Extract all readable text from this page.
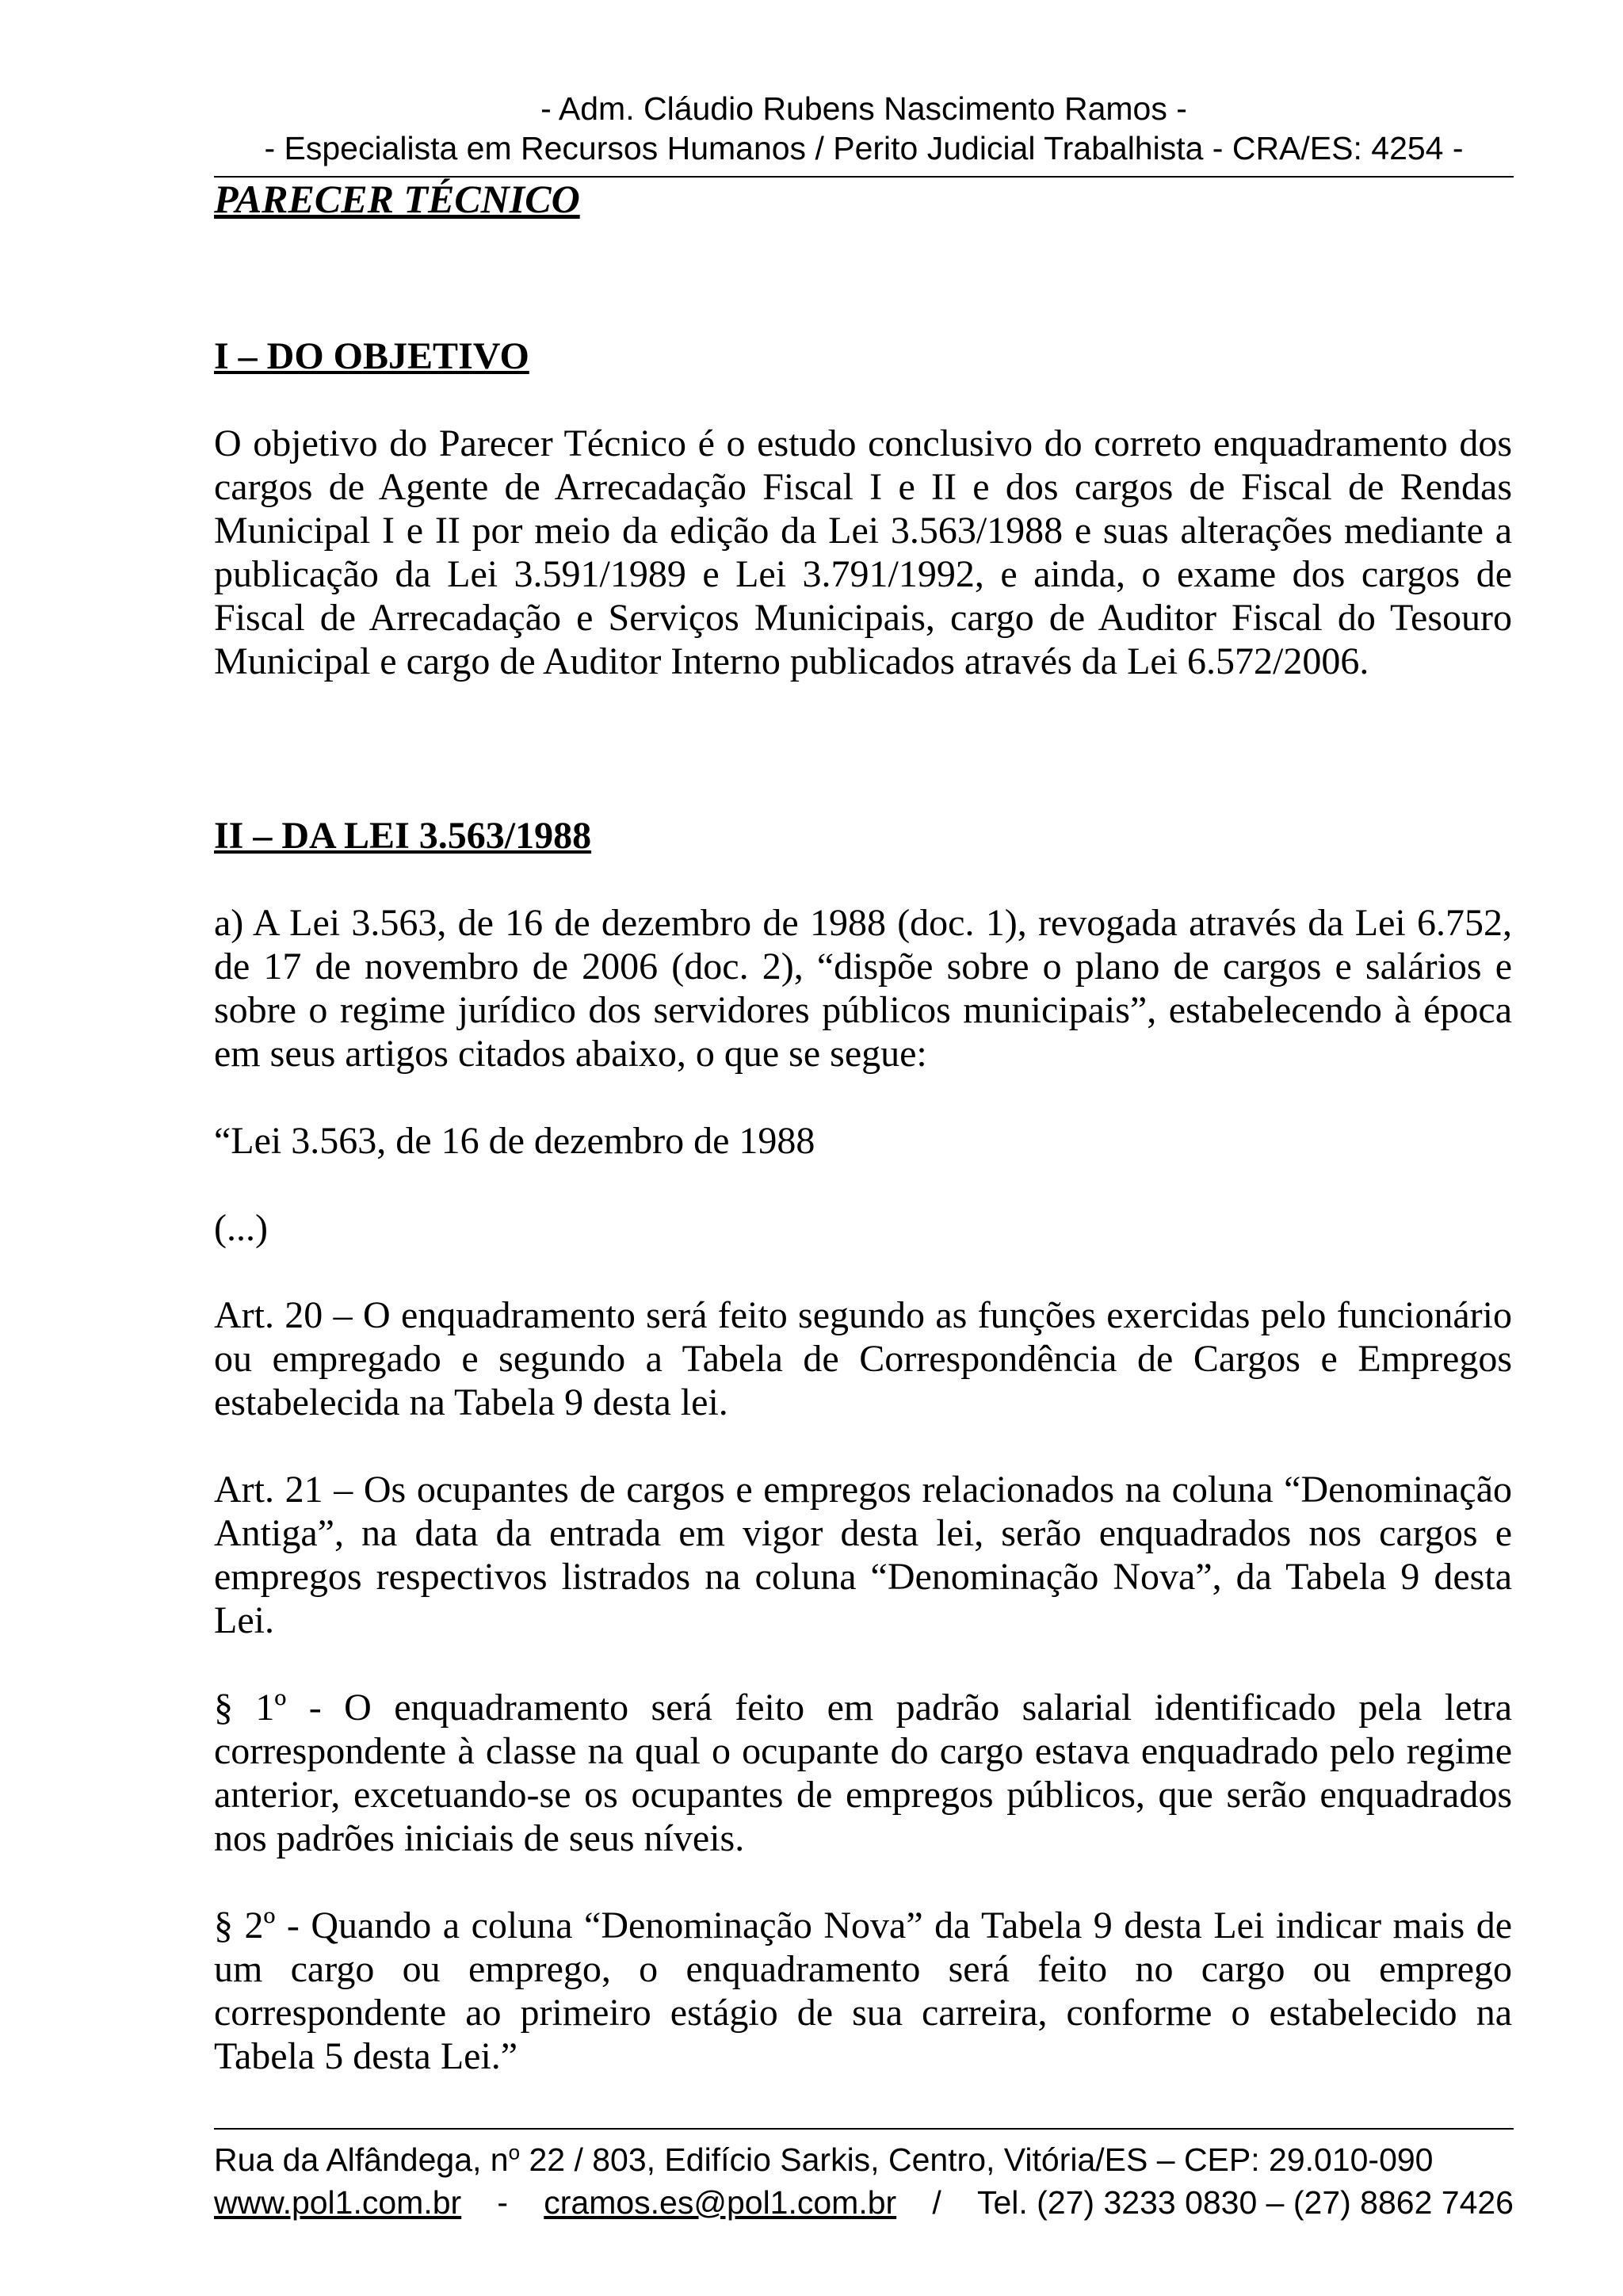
- Adm. Cláudio Rubens Nascimento Ramos -
- Especialista em Recursos Humanos / Perito Judicial Trabalhista - CRA/ES: 4254 -
PARECER TÉCNICO
I – DO OBJETIVO

O objetivo do Parecer Técnico é o estudo conclusivo do correto enquadramento dos cargos de Agente de Arrecadação Fiscal I e II e dos cargos de Fiscal de Rendas Municipal I e II por meio da edição da Lei 3.563/1988 e suas alterações mediante a publicação da Lei 3.591/1989 e Lei 3.791/1992, e ainda, o exame dos cargos de Fiscal de Arrecadação e Serviços Municipais, cargo de Auditor Fiscal do Tesouro Municipal e cargo de Auditor Interno publicados através da Lei 6.572/2006.

II – DA LEI 3.563/1988

a) A Lei 3.563, de 16 de dezembro de 1988 (doc. 1), revogada através da Lei 6.752, de 17 de novembro de 2006 (doc. 2), “dispõe sobre o plano de cargos e salários e sobre o regime jurídico dos servidores públicos municipais”, estabelecendo à época em seus artigos citados abaixo, o que se segue:

“Lei 3.563, de 16 de dezembro de 1988

(...)

Art. 20 – O enquadramento será feito segundo as funções exercidas pelo funcionário ou empregado e segundo a Tabela de Correspondência de Cargos e Empregos estabelecida na Tabela 9 desta lei.

Art. 21 – Os ocupantes de cargos e empregos relacionados na coluna “Denominação Antiga”, na data da entrada em vigor desta lei, serão enquadrados nos cargos e empregos respectivos listrados na coluna “Denominação Nova”, da Tabela 9 desta Lei.

§ 1º - O enquadramento será feito em padrão salarial identificado pela letra correspondente à classe na qual o ocupante do cargo estava enquadrado pelo regime anterior, excetuando-se os ocupantes de empregos públicos, que serão enquadrados nos padrões iniciais de seus níveis.

§ 2º - Quando a coluna “Denominação Nova” da Tabela 9 desta Lei indicar mais de um cargo ou emprego, o enquadramento será feito no cargo ou emprego correspondente ao primeiro estágio de sua carreira, conforme o estabelecido na Tabela 5 desta Lei.”

Rua da Alfândega, $n^o$ 22 / 803, Edifício Sarkis, Centro, Vitória/ES – CEP: 29.010-090
www.pol1.com.br - cramos.es@pol1.com.br / Tel. (27) 3233 0830 – (27) 8862 7426
